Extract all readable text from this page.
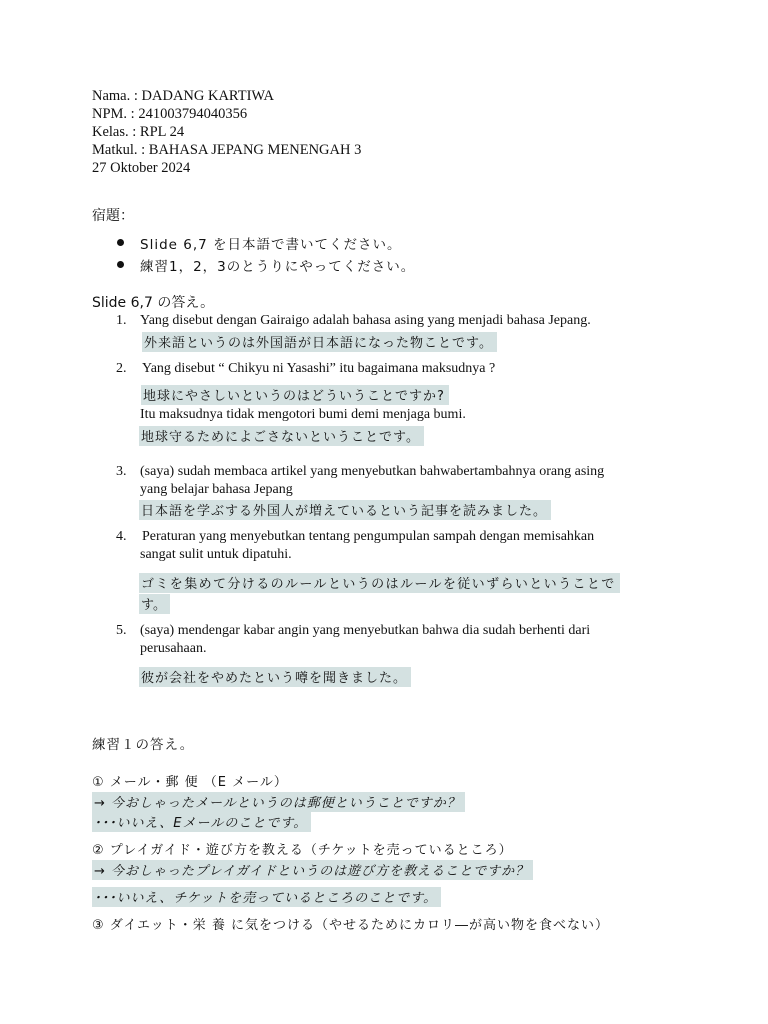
Nama. : DADANG KARTIWA
NPM. : 241003794040356
Kelas. : RPL 24
Matkul. : BAHASA JEPANG MENENGAH 3
27 Oktober 2024
宿題：
Slide 6,7 を日本語で書いてください。
練習1，2，3のとうりにやってください。
Slide 6,7 の答え。
1. Yang disebut dengan Gairaigo adalah bahasa asing yang menjadi bahasa Jepang.
外来語というのは外国語が日本語になった物ことです。
2. Yang disebut “ Chikyu ni Yasashi” itu bagaimana maksudnya ?
地球にやさしいというのはどういうことですか?
Itu maksudnya tidak mengotori bumi demi menjaga bumi.
地球守るためによごさないということです。
3. (saya) sudah membaca artikel yang menyebutkan bahwabertambahnya orang asing
yang belajar bahasa Jepang
日本語を学ぶする外国人が増えているという記事を読みました。
4. Peraturan yang menyebutkan tentang pengumpulan sampah dengan memisahkan
sangat sulit untuk dipatuhi.
ゴミを集めて分けるのルールというのはルールを従いずらいということで
す。
5. (saya) mendengar kabar angin yang menyebutkan bahwa dia sudah berhenti dari
perusahaan.
彼が会社をやめたという噂を聞きました。
練習１の答え。
① メール・郵 便 （E メール）
→ 今おしゃったメールというのは郵便ということですか？
･･･いいえ、Eメールのことです。
② プレイガイド・遊び方を教える（チケットを売っているところ）
→ 今おしゃったプレイガイドというのは遊び方を教えることですか？
･･･いいえ、チケットを売っているところのことです。
③ ダイエット・栄 養 に気をつける（やせるためにカロリ―が高い物を食べない）
